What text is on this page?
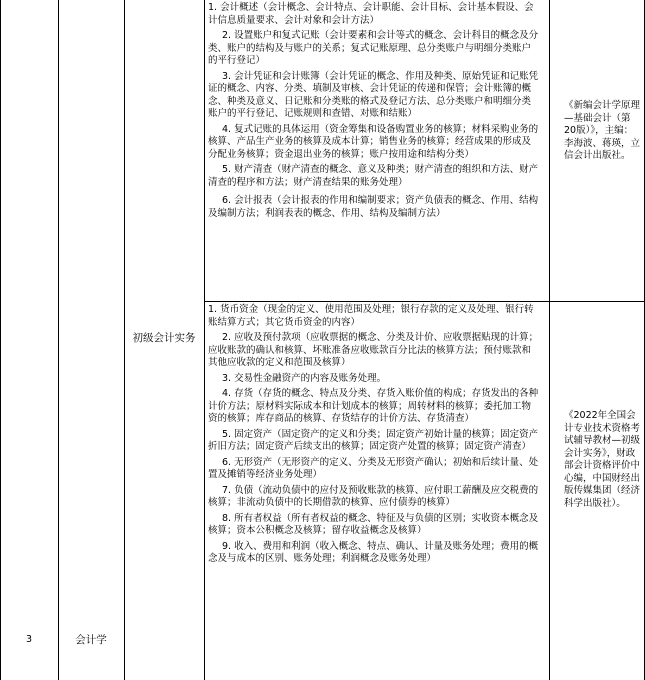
3	会计学
初级会计实务

1. 会计概述（会计概念、会计特点、会计职能、会计目标、会计基本假设、会计信息质量要求、会计对象和会计方法）

2. 设置账户和复式记账（会计要素和会计等式的概念、会计科目的概念及分类、账户的结构及与账户的关系；复式记账原理、总分类账户与明细分类账户的平行登记）

3. 会计凭证和会计账簿（会计凭证的概念、作用及种类、原始凭证和记账凭证的概念、内容、分类、填制及审核、会计凭证的传递和保管；会计账簿的概念、种类及意义、日记账和分类账的格式及登记方法、总分类账户和明细分类账户的平行登记、记账规则和查错、对账和结账）

4. 复式记账的具体运用（资金筹集和设备购置业务的核算；材料采购业务的核算、产品生产业务的核算及成本计算；销售业务的核算；经营成果的形成及分配业务核算；资金退出业务的核算；账户按用途和结构分类）

5. 财产清查（财产清查的概念、意义及种类；财产清查的组织和方法、财产清查的程序和方法；财产清查结果的账务处理）

6. 会计报表（会计报表的作用和编制要求；资产负债表的概念、作用、结构及编制方法；利润表表的概念、作用、结构及编制方法）

《新编会计学原理—基础会计（第20版）》，主编：李海波、蒋瑛，立信会计出版社。

1. 货币资金（现金的定义、使用范围及处理；银行存款的定义及处理、银行转账结算方式；其它货币资金的内容）

2. 应收及预付款项（应收票据的概念、分类及计价、应收票据贴现的计算；应收账款的确认和核算、坏账准备应收账款百分比法的核算方法；预付账款和其他应收款的定义和范围及核算）

3. 交易性金融资产的内容及账务处理。

4. 存货（存货的概念、特点及分类、存货入账价值的构成；存货发出的各种计价方法；原材料实际成本和计划成本的核算；周转材料的核算；委托加工物资的核算；库存商品的核算、存货结存的计价方法、存货清查）

5. 固定资产（固定资产的定义和分类；固定资产初始计量的核算；固定资产折旧方法；固定资产后续支出的核算；固定资产处置的核算；固定资产清查）

6. 无形资产（无形资产的定义、分类及无形资产确认；初始和后续计量、处置及摊销等经济业务处理）

7. 负债（流动负债中的应付及预收账款的核算、应付职工薪酬及应交税费的核算；非流动负债中的长期借款的核算、应付债券的核算）

8. 所有者权益（所有者权益的概念、特征及与负债的区别；实收资本概念及核算；资本公积概念及核算；留存收益概念及核算）

9. 收入、费用和利润（收入概念、特点、确认、计量及账务处理；费用的概念及与成本的区别、账务处理；利润概念及账务处理）

《2022年全国会计专业技术资格考试辅导教材—初级会计实务》，财政部会计资格评价中心编，中国财经出版传媒集团（经济科学出版社）。
